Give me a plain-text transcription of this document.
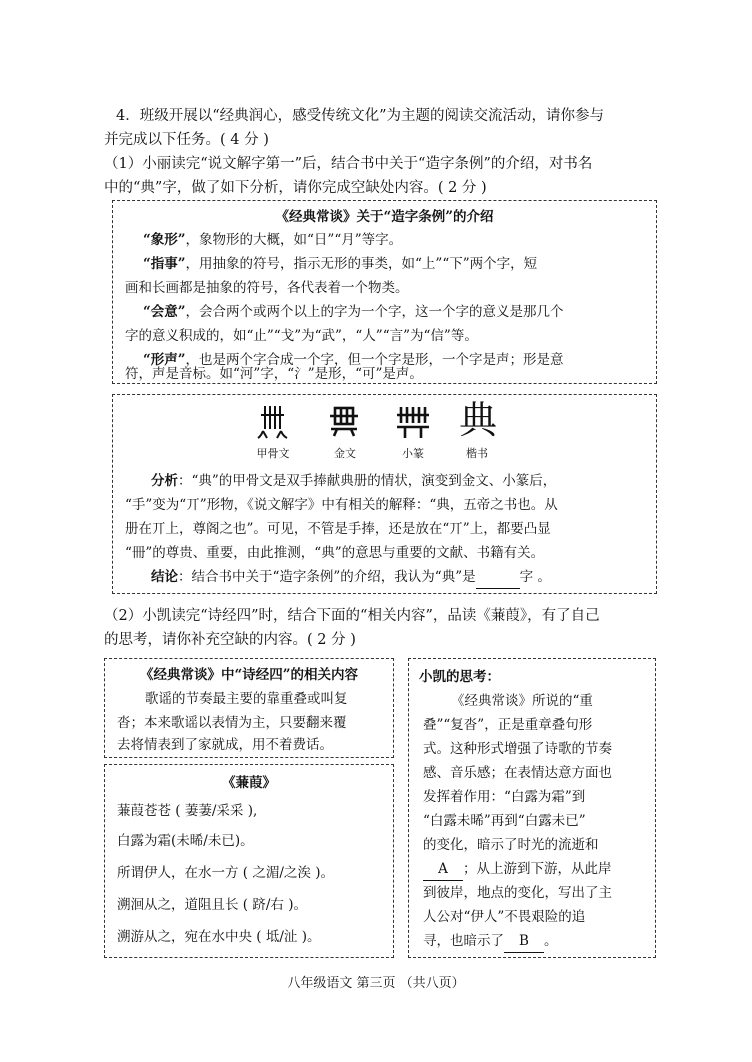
4．班级开展以“经典润心，感受传统文化”为主题的阅读交流活动，请你参与
并完成以下任务。( 4 分 )
（1）小丽读完“说文解字第一”后，结合书中关于“造字条例”的介绍，对书名
中的“典”字，做了如下分析，请你完成空缺处内容。( 2 分 )
《经典常谈》关于“造字条例”的介绍
“象形”，象物形的大概，如“日”“月”等字。
“指事”，用抽象的符号，指示无形的事类，如“上”“下”两个字，短
画和长画都是抽象的符号，各代表着一个物类。
“会意”，会合两个或两个以上的字为一个字，这一个字的意义是那几个
字的意义积成的，如“止”“戈”为“武”，“人”“言”为“信”等。
“形声”，也是两个字合成一个字，但一个字是形，一个字是声；形是意
符，声是音标。如“河”字，“氵”是形，“可”是声。
典
甲骨文	金文	小篆	楷书
分析：“典”的甲骨文是双手捧献典册的情状，演变到金文、小篆后，
“手”变为“丌”形物，《说文解字》中有相关的解释：“典，五帝之书也。从
册在丌上，尊阁之也”。可见，不管是手捧，还是放在“丌”上，都要凸显
“冊”的尊贵、重要，由此推测，“典”的意思与重要的文献、书籍有关。
结论：结合书中关于“造字条例”的介绍，我认为“典”是	字 。
（2）小凯读完“诗经四”时，结合下面的“相关内容”，品读《蒹葭》，有了自己
的思考，请你补充空缺的内容。( 2 分 )
《经典常谈》中“诗经四”的相关内容
歌谣的节奏最主要的靠重叠或叫复
沓；本来歌谣以表情为主，只要翻来覆
去将情表到了家就成，用不着费话。
《蒹葭》
蒹葭苍苍 ( 萋萋/采采 ),
白露为霜(未晞/未已)。
所谓伊人，在水一方 ( 之湄/之涘 )。
溯洄从之，道阻且长 ( 跻/右 )。
溯游从之，宛在水中央 ( 坻/沚 )。
小凯的思考：
《经典常谈》所说的“重
叠”“复沓”，正是重章叠句形
式。这种形式增强了诗歌的节奏
感、音乐感；在表情达意方面也
发挥着作用：“白露为霜”到
“白露未晞”再到“白露未已”
的变化，暗示了时光的流逝和
A ；从上游到下游，从此岸
到彼岸，地点的变化，写出了主
人公对“伊人”不畏艰险的追
寻，也暗示了 B 。
八年级语文 第三页 （共八页）
